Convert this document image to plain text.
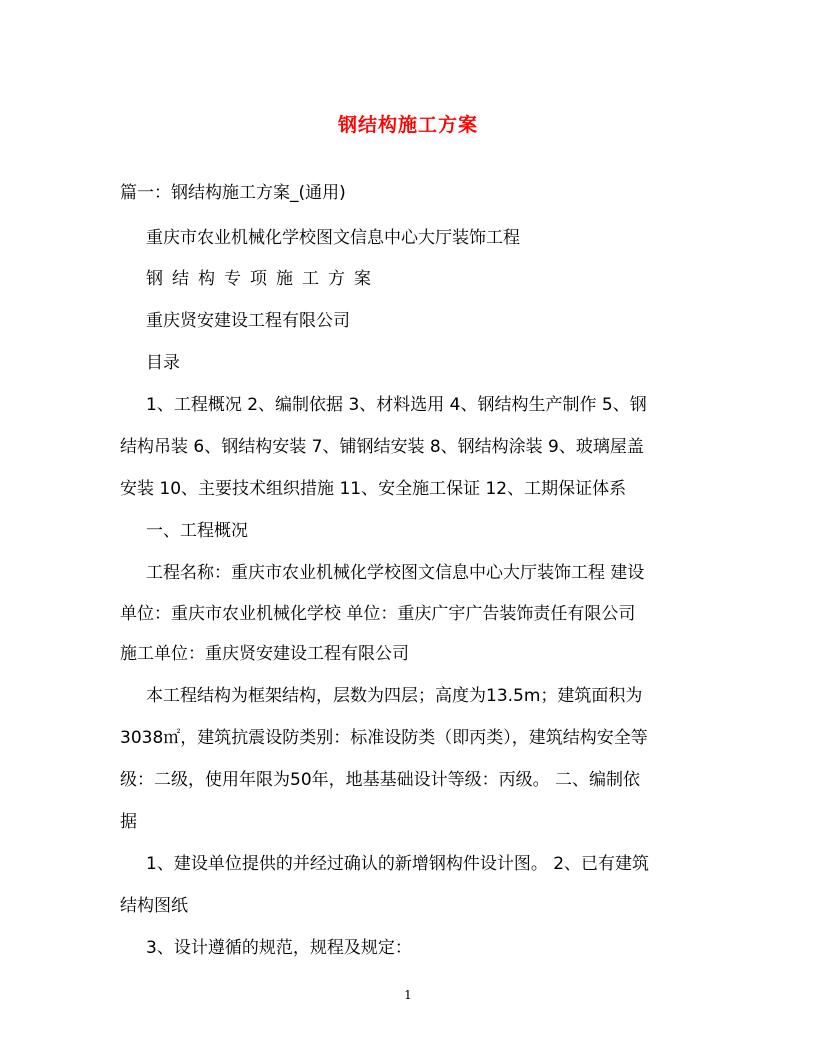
钢结构施工方案
篇一：钢结构施工方案_(通用)
重庆市农业机械化学校图文信息中心大厅装饰工程
钢结构专项施工方案
重庆贤安建设工程有限公司
目录
1、工程概况 2、编制依据 3、材料选用 4、钢结构生产制作 5、钢
结构吊装 6、钢结构安装 7、铺钢结安装 8、钢结构涂装 9、玻璃屋盖
安装 10、主要技术组织措施 11、安全施工保证 12、工期保证体系
一、工程概况
工程名称：重庆市农业机械化学校图文信息中心大厅装饰工程 建设
单位：重庆市农业机械化学校 单位：重庆广宇广告装饰责任有限公司
施工单位：重庆贤安建设工程有限公司
本工程结构为框架结构，层数为四层；高度为13.5m；建筑面积为
3038㎡，建筑抗震设防类别：标准设防类（即丙类），建筑结构安全等
级：二级，使用年限为50年，地基基础设计等级：丙级。 二、编制依
据
1、建设单位提供的并经过确认的新增钢构件设计图。 2、已有建筑
结构图纸
3、设计遵循的规范，规程及规定：
1
